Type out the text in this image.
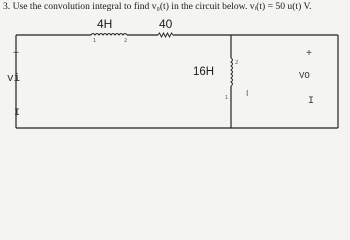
3. Use the convolution integral to find v₀(t) in the circuit below. vᵢ(t) = 50 u(t) V.
4H	40
16H
+
vi
I
+
VO
I
1	2
2
1 I
